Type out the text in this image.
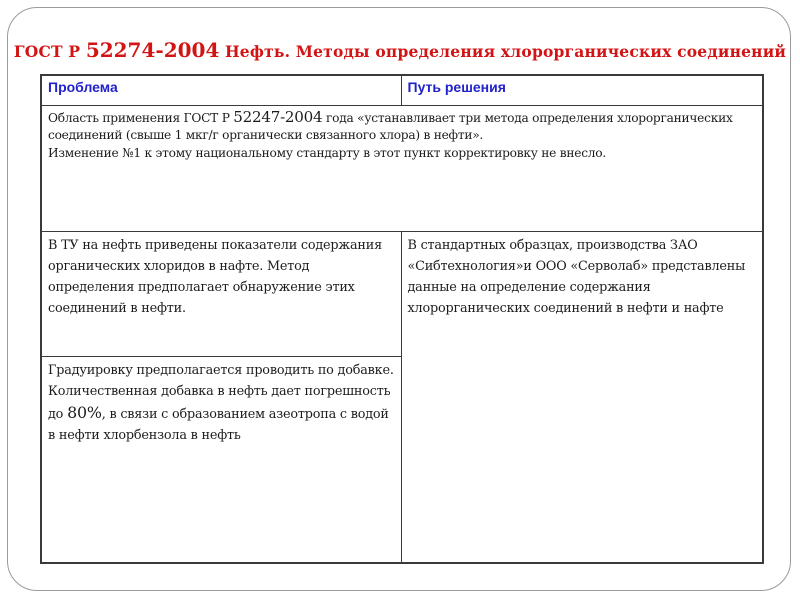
ГОСТ Р 52274-2004 Нефть. Методы определения хлорорганических соединений
Проблема	Путь решения

Область применения ГОСТ Р 52247-2004 года «устанавливает три метода определения хлорорганических соединений (свыше 1 мкг/г органически связанного хлора) в нефти».

Изменение №1 к этому национальному стандарту в этот пункт корректировку не внесло.	

В ТУ на нефть приведены показатели содержания органических хлоридов в нафте. Метод определения предполагает обнаружение этих соединений в нефти.	В стандартных образцах, производства ЗАО «Сибтехнология»и ООО «Серволаб» представлены данные на определение содержания хлорорганических соединений в нефти и нафте

Градуировку предполагается проводить по добавке. Количественная добавка в нефть дает погрешность до 80%, в связи с образованием азеотропа с водой в нефти хлорбензола в нефть	
